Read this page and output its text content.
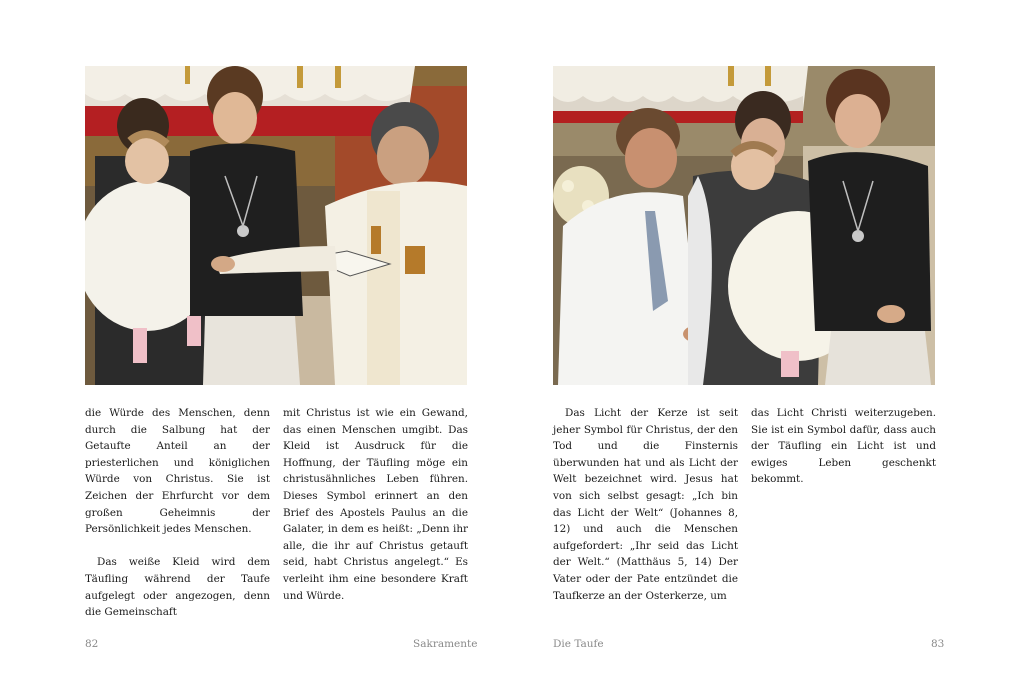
die Würde des Menschen, denn durch die Salbung hat der Getaufte Anteil an der priesterlichen und königlichen Würde von Christus. Sie ist Zeichen der Ehrfurcht vor dem großen Geheimnis der Persönlichkeit jedes Menschen.

Das weiße Kleid wird dem Täufling während der Taufe aufgelegt oder angezogen, denn die Gemeinschaft

mit Christus ist wie ein Gewand, das einen Menschen umgibt. Das Kleid ist Ausdruck für die Hoffnung, der Täufling möge ein christusähnliches Leben führen. Dieses Symbol erinnert an den Brief des Apostels Paulus an die Galater, in dem es heißt: „Denn ihr alle, die ihr auf Christus getauft seid, habt Christus angelegt.“ Es verleiht ihm eine besondere Kraft und Würde.

82	Sakramente

Das Licht der Kerze ist seit jeher Symbol für Christus, der den Tod und die Finsternis überwunden hat und als Licht der Welt bezeichnet wird. Jesus hat von sich selbst gesagt: „Ich bin das Licht der Welt“ (Johannes 8, 12) und auch die Menschen aufgefordert: „Ihr seid das Licht der Welt.“ (Matthäus 5, 14) Der Vater oder der Pate entzündet die Taufkerze an der Osterkerze, um

das Licht Christi weiterzugeben. Sie ist ein Symbol dafür, dass auch der Täufling ein Licht ist und ewiges Leben geschenkt bekommt.

Die Taufe	83
